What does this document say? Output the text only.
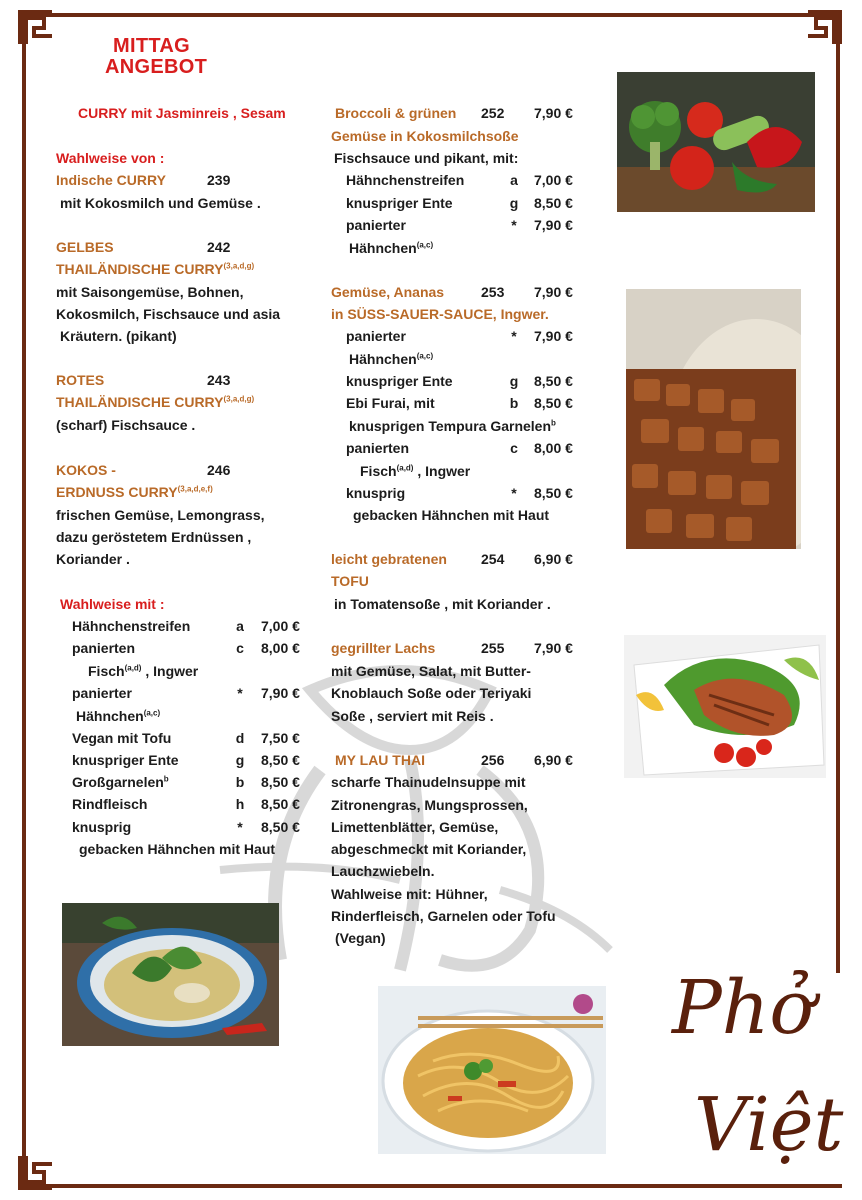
MITTAG
ANGEBOT
CURRY mit Jasminreis , Sesam
Wahlweise von :
Indische CURRY	239
mit Kokosmilch und Gemüse .
GELBES	242
THAILÄNDISCHE CURRY$^{(3,a,d,g)}$
mit Saisongemüse, Bohnen,
Kokosmilch, Fischsauce und asia
Kräutern. (pikant)
ROTES	243
THAILÄNDISCHE CURRY$^{(3,a,d,g)}$
(scharf) Fischsauce .
KOKOS -	246
ERDNUSS CURRY$^{(3,a,d,e,f)}$
frischen Gemüse, Lemongrass,
dazu geröstetem Erdnüssen ,
Koriander .
Wahlweise mit :
Hähnchenstreifen	a 7,00 €
panierten	c 8,00 €
Fisch$^{(a,d)}$ , Ingwer
panierter	*	7,90 €
Hähnchen$^{(a,c)}$
Vegan mit Tofu	d 7,50 €
knuspriger Ente	g 8,50 €
Großgarnelen$^b$	b 8,50 €
Rindfleisch	h 8,50 €
knusprig	*	8,50 €
gebacken Hähnchen mit Haut
Broccoli & grünen 252 7,90 €
Gemüse in Kokosmilchsoße
Fischsauce und pikant, mit:
Hähnchenstreifen	a 7,00 €
knuspriger Ente	g 8,50 €
panierter	*	7,90 €
Hähnchen$^{(a,c)}$
Gemüse, Ananas	253 7,90 €
in SÜSS-SAUER-SAUCE, Ingwer.
panierter	*	7,90 €
Hähnchen$^{(a,c)}$
knuspriger Ente	g 8,50 €
Ebi Furai, mit	b 8,50 €
knusprigen Tempura Garnelen$^b$
panierten	c 8,00 €
Fisch$^{(a,d)}$ , Ingwer
knusprig	*	8,50 €
gebacken Hähnchen mit Haut
leicht gebratenen 254 6,90 €
TOFU
in Tomatensoße , mit Koriander .
gegrillter Lachs	255 7,90 €
mit Gemüse, Salat, mit Butter-
Knoblauch Soße oder Teriyaki
Soße , serviert mit Reis .
MY LAU THAI	256 6,90 €
scharfe Thainudelnsuppe mit
Zitronengras, Mungsprossen,
Limettenblätter, Gemüse,
abgeschmeckt mit Koriander,
Lauchzwiebeln.
Wahlweise mit: Hühner,
Rinderfleisch, Garnelen oder Tofu
(Vegan)
Phở
Việt
